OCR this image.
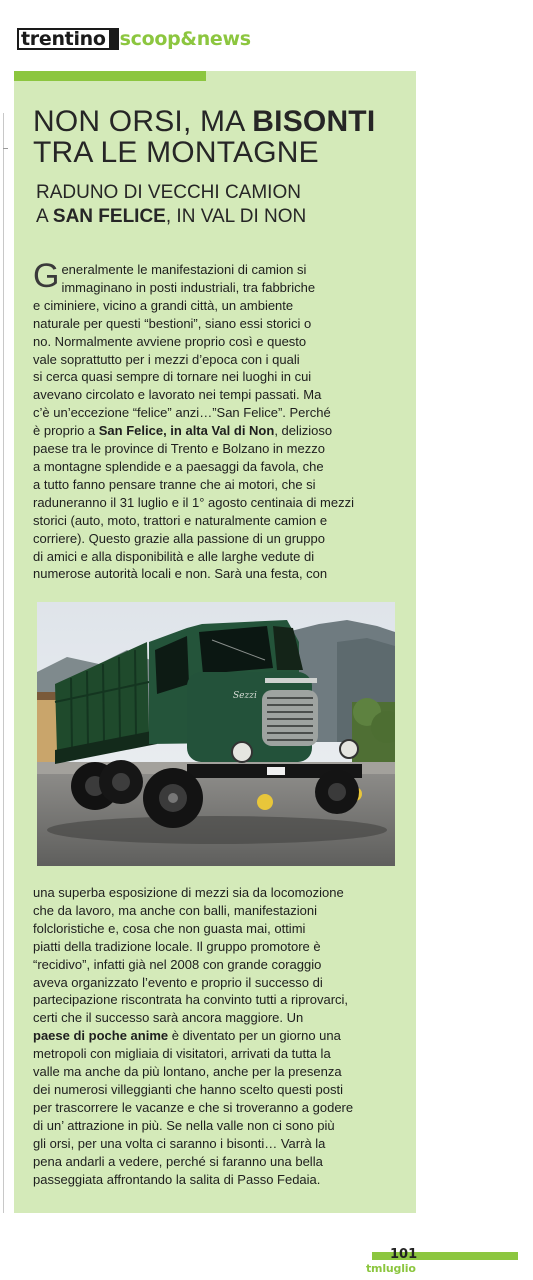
trentino scoop&news
NON ORSI, MA BISONTI
TRA LE MONTAGNE
RADUNO DI VECCHI CAMION
A SAN FELICE, IN VAL DI NON
G eneralmente le manifestazioni di camion si
immaginano in posti industriali, tra fabbriche
e ciminiere, vicino a grandi città, un ambiente
naturale per questi “bestioni”, siano essi storici o
no. Normalmente avviene proprio così e questo
vale soprattutto per i mezzi d’epoca con i quali
si cerca quasi sempre di tornare nei luoghi in cui
avevano circolato e lavorato nei tempi passati. Ma
c’è un’eccezione “felice” anzi…”San Felice”. Perché
è proprio a San Felice, in alta Val di Non, delizioso
paese tra le province di Trento e Bolzano in mezzo
a montagne splendide e a paesaggi da favola, che
a tutto fanno pensare tranne che ai motori, che si
raduneranno il 31 luglio e il 1° agosto centinaia di mezzi
storici (auto, moto, trattori e naturalmente camion e
corriere). Questo grazie alla passione di un gruppo
di amici e alla disponibilità e alle larghe vedute di
numerose autorità locali e non. Sarà una festa, con
Sezzi
una superba esposizione di mezzi sia da locomozione
che da lavoro, ma anche con balli, manifestazioni
folcloristiche e, cosa che non guasta mai, ottimi
piatti della tradizione locale. Il gruppo promotore è
“recidivo”, infatti già nel 2008 con grande coraggio
aveva organizzato l’evento e proprio il successo di
partecipazione riscontrata ha convinto tutti a riprovarci,
certi che il successo sarà ancora maggiore. Un
paese di poche anime è diventato per un giorno una
metropoli con migliaia di visitatori, arrivati da tutta la
valle ma anche da più lontano, anche per la presenza
dei numerosi villeggianti che hanno scelto questi posti
per trascorrere le vacanze e che si troveranno a godere
di un’ attrazione in più. Se nella valle non ci sono più
gli orsi, per una volta ci saranno i bisonti… Varrà la
pena andarli a vedere, perché si faranno una bella
passeggiata affrontando la salita di Passo Fedaia.
101
tmluglio
